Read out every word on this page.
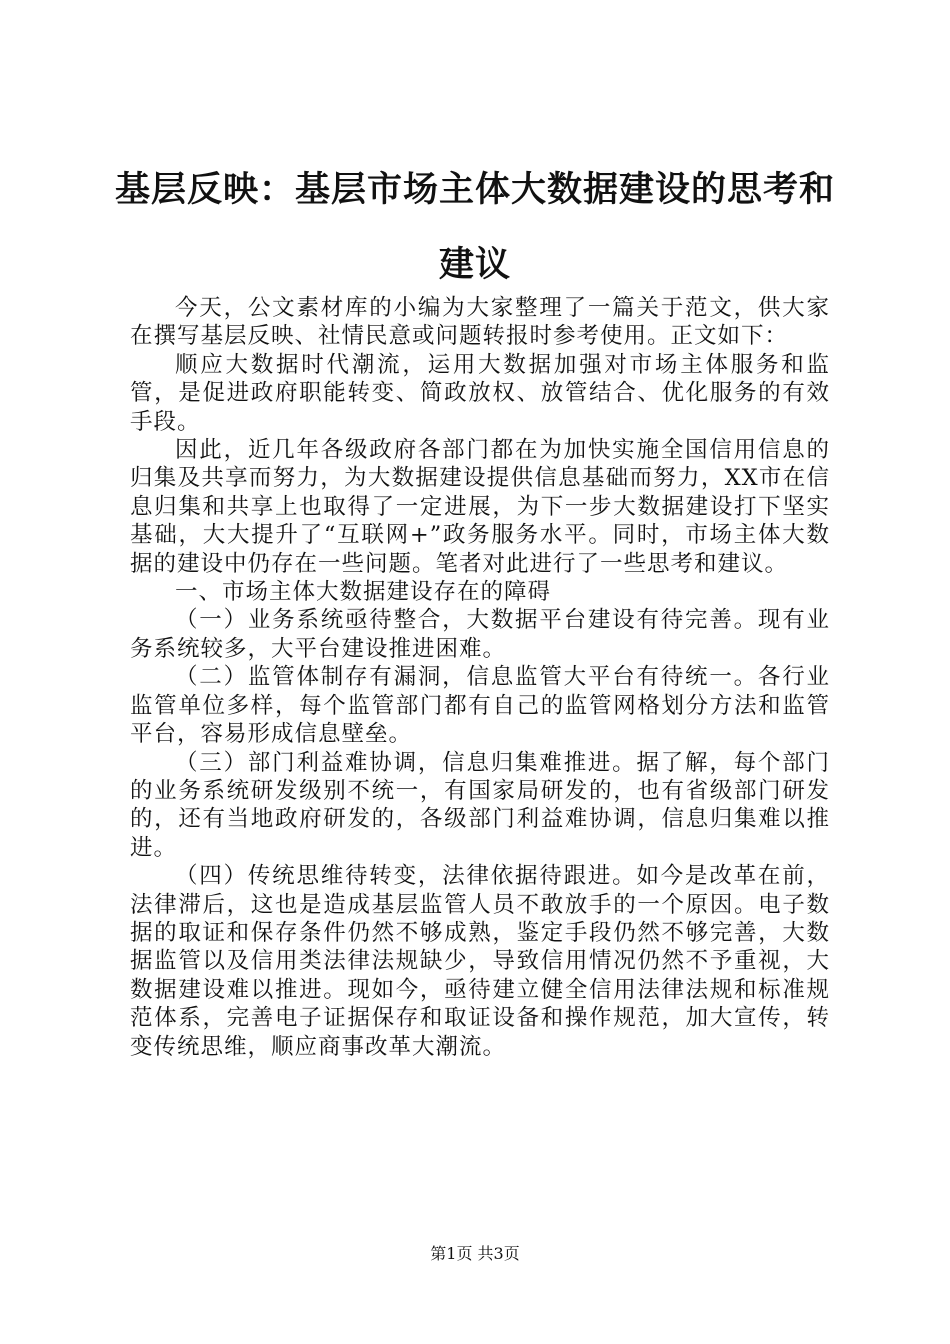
基层反映：基层市场主体大数据建设的思考和
建议

今天，公文素材库的小编为大家整理了一篇关于范文，供大家在撰写基层反映、社情民意或问题转报时参考使用。正文如下：

顺应大数据时代潮流，运用大数据加强对市场主体服务和监管，是促进政府职能转变、简政放权、放管结合、优化服务的有效手段。

因此，近几年各级政府各部门都在为加快实施全国信用信息的归集及共享而努力，为大数据建设提供信息基础而努力，XX市在信息归集和共享上也取得了一定进展，为下一步大数据建设打下坚实基础，大大提升了“互联网+”政务服务水平。同时，市场主体大数据的建设中仍存在一些问题。笔者对此进行了一些思考和建议。

一、市场主体大数据建设存在的障碍

（一）业务系统亟待整合，大数据平台建设有待完善。现有业务系统较多，大平台建设推进困难。

（二）监管体制存有漏洞，信息监管大平台有待统一。各行业监管单位多样，每个监管部门都有自己的监管网格划分方法和监管平台，容易形成信息壁垒。

（三）部门利益难协调，信息归集难推进。据了解，每个部门的业务系统研发级别不统一，有国家局研发的，也有省级部门研发的，还有当地政府研发的，各级部门利益难协调，信息归集难以推进。

（四）传统思维待转变，法律依据待跟进。如今是改革在前，法律滞后，这也是造成基层监管人员不敢放手的一个原因。电子数据的取证和保存条件仍然不够成熟，鉴定手段仍然不够完善，大数据监管以及信用类法律法规缺少，导致信用情况仍然不予重视，大数据建设难以推进。现如今，亟待建立健全信用法律法规和标准规范体系，完善电子证据保存和取证设备和操作规范，加大宣传，转变传统思维，顺应商事改革大潮流。

第1页 共3页
